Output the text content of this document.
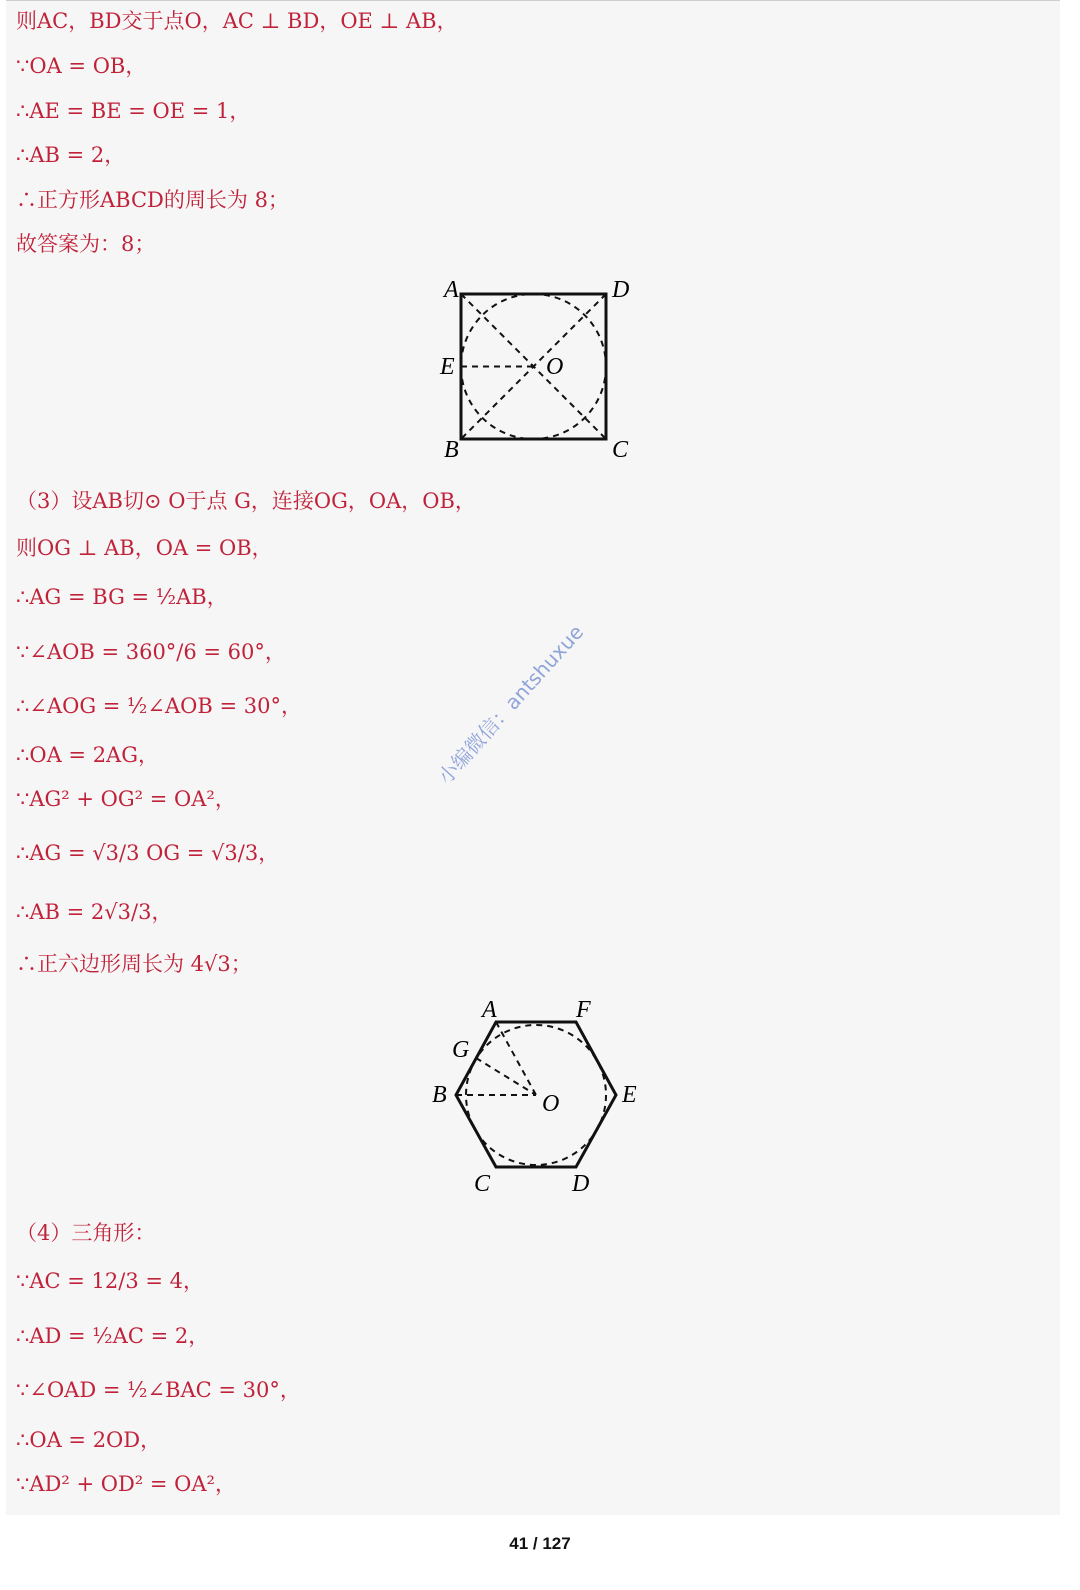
则AC，BD交于点O，AC ⊥ BD，OE ⊥ AB，
∵OA = OB，
∴AE = BE = OE = 1，
∴AB = 2，
∴正方形ABCD的周长为 8；
故答案为：8；
A	D
E	O
B	C
（3）设AB切⊙ O于点 G，连接OG，OA，OB，
则OG ⊥ AB，OA = OB，
∴AG = BG = ½AB，
∵∠AOB = 360°/6 = 60°，
∴∠AOG = ½∠AOB = 30°，
∴OA = 2AG，
∵AG² + OG² = OA²，
∴AG = √3/3 OG = √3/3，
∴AB = 2√3/3，
∴正六边形周长为 4√3；
A	F
G
B	O	E
C	D
（4）三角形：
∵AC = 12/3 = 4，
∴AD = ½AC = 2，
∵∠OAD = ½∠BAC = 30°，
∴OA = 2OD，
∵AD² + OD² = OA²，
小编微信：antshuxue
41 / 127
